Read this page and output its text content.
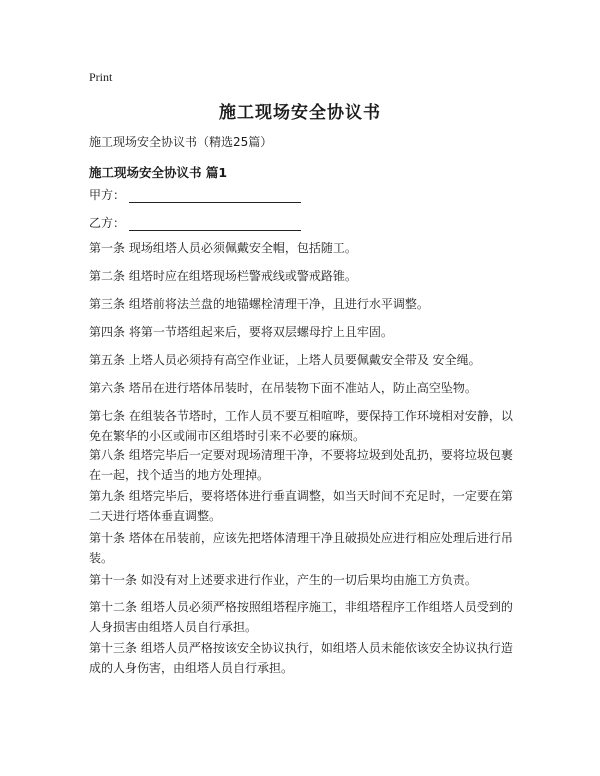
Print
施工现场安全协议书
施工现场安全协议书（精选25篇）
施工现场安全协议书 篇1
甲方：
乙方：

第一条 现场组塔人员必须佩戴安全帽，包括随工。

第二条 组塔时应在组塔现场栏警戒线或警戒路锥。

第三条 组塔前将法兰盘的地锚螺栓清理干净，且进行水平调整。

第四条 将第一节塔组起来后，要将双层螺母拧上且牢固。

第五条 上塔人员必须持有高空作业证，上塔人员要佩戴安全带及 安全绳。

第六条 塔吊在进行塔体吊装时，在吊装物下面不准站人，防止高空坠物。

第七条 在组装各节塔时，工作人员不要互相喧哗，要保持工作环境相对安静，以免在繁华的小区或闹市区组塔时引来不必要的麻烦。

第八条 组塔完毕后一定要对现场清理干净，不要将垃圾到处乱扔，要将垃圾包裹在一起，找个适当的地方处理掉。

第九条 组塔完毕后，要将塔体进行垂直调整，如当天时间不充足时，一定要在第二天进行塔体垂直调整。

第十条 塔体在吊装前，应该先把塔体清理干净且破损处应进行相应处理后进行吊装。

第十一条 如没有对上述要求进行作业，产生的一切后果均由施工方负责。

第十二条 组塔人员必须严格按照组塔程序施工，非组塔程序工作组塔人员受到的人身损害由组塔人员自行承担。

第十三条 组塔人员严格按该安全协议执行，如组塔人员未能依该安全协议执行造成的人身伤害，由组塔人员自行承担。
